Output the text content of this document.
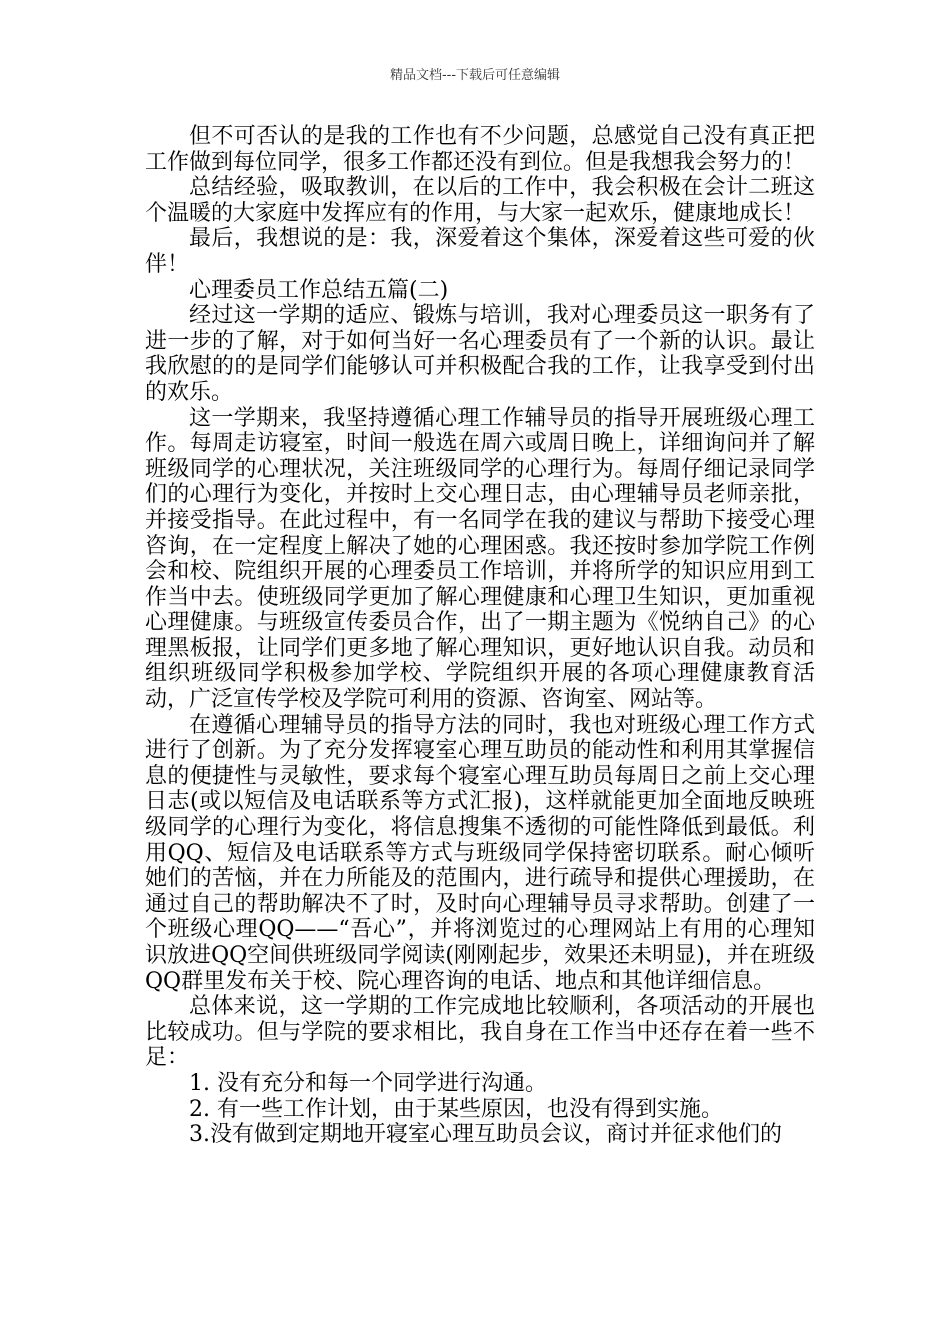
精品文档---下载后可任意编辑

但不可否认的是我的工作也有不少问题，总感觉自己没有真正把工作做到每位同学，很多工作都还没有到位。但是我想我会努力的！

总结经验，吸取教训，在以后的工作中，我会积极在会计二班这个温暖的大家庭中发挥应有的作用，与大家一起欢乐，健康地成长！

最后，我想说的是：我，深爱着这个集体，深爱着这些可爱的伙伴！

心理委员工作总结五篇(二)

经过这一学期的适应、锻炼与培训，我对心理委员这一职务有了进一步的了解，对于如何当好一名心理委员有了一个新的认识。最让我欣慰的的是同学们能够认可并积极配合我的工作，让我享受到付出的欢乐。

这一学期来，我坚持遵循心理工作辅导员的指导开展班级心理工作。每周走访寝室，时间一般选在周六或周日晚上，详细询问并了解班级同学的心理状况，关注班级同学的心理行为。每周仔细记录同学们的心理行为变化，并按时上交心理日志，由心理辅导员老师亲批，并接受指导。在此过程中，有一名同学在我的建议与帮助下接受心理咨询，在一定程度上解决了她的心理困惑。我还按时参加学院工作例会和校、院组织开展的心理委员工作培训，并将所学的知识应用到工作当中去。使班级同学更加了解心理健康和心理卫生知识，更加重视心理健康。与班级宣传委员合作，出了一期主题为《悦纳自己》的心理黑板报，让同学们更多地了解心理知识，更好地认识自我。动员和组织班级同学积极参加学校、学院组织开展的各项心理健康教育活动，广泛宣传学校及学院可利用的资源、咨询室、网站等。

在遵循心理辅导员的指导方法的同时，我也对班级心理工作方式进行了创新。为了充分发挥寝室心理互助员的能动性和利用其掌握信息的便捷性与灵敏性，要求每个寝室心理互助员每周日之前上交心理日志(或以短信及电话联系等方式汇报)，这样就能更加全面地反映班级同学的心理行为变化，将信息搜集不透彻的可能性降低到最低。利用QQ、短信及电话联系等方式与班级同学保持密切联系。耐心倾听她们的苦恼，并在力所能及的范围内，进行疏导和提供心理援助，在通过自己的帮助解决不了时，及时向心理辅导员寻求帮助。创建了一个班级心理QQ——“吾心”，并将浏览过的心理网站上有用的心理知识放进QQ空间供班级同学阅读(刚刚起步，效果还未明显)，并在班级QQ群里发布关于校、院心理咨询的电话、地点和其他详细信息。

总体来说，这一学期的工作完成地比较顺利，各项活动的开展也比较成功。但与学院的要求相比，我自身在工作当中还存在着一些不足：

1. 没有充分和每一个同学进行沟通。

2. 有一些工作计划，由于某些原因，也没有得到实施。

3.没有做到定期地开寝室心理互助员会议，商讨并征求他们的
